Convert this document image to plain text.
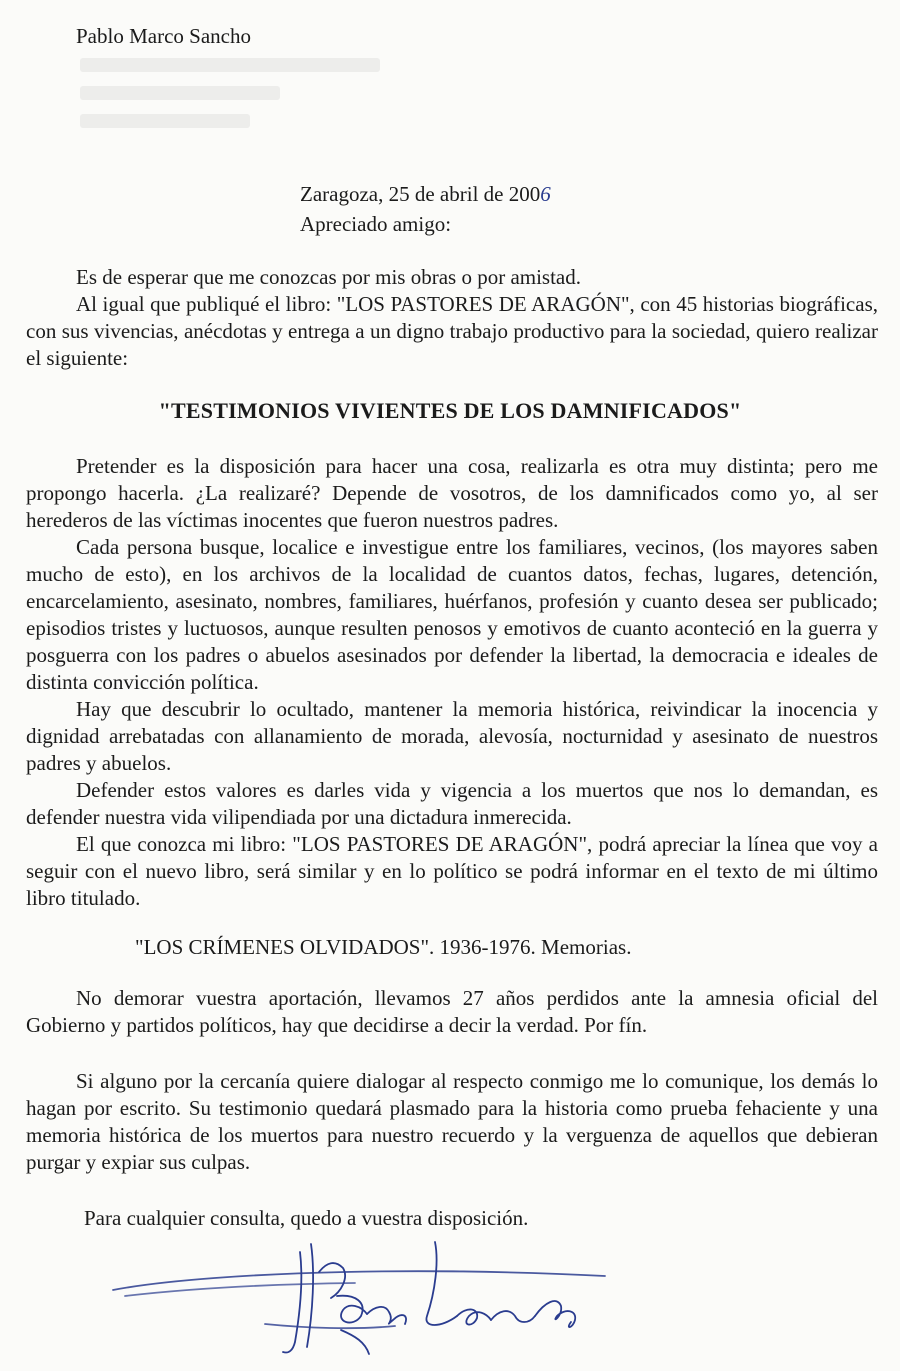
Pablo Marco Sancho
Zaragoza, 25 de abril de 2006
Apreciado amigo:

Es de esperar que me conozcas por mis obras o por amistad.

Al igual que publiqué el libro: "LOS PASTORES DE ARAGÓN", con 45 historias biográficas, con sus vivencias, anécdotas y entrega a un digno trabajo productivo para la sociedad, quiero realizar el siguiente:

"TESTIMONIOS VIVIENTES DE LOS DAMNIFICADOS"

Pretender es la disposición para hacer una cosa, realizarla es otra muy distinta; pero me propongo hacerla. ¿La realizaré? Depende de vosotros, de los damnificados como yo, al ser herederos de las víctimas inocentes que fueron nuestros padres.

Cada persona busque, localice e investigue entre los familiares, vecinos, (los mayores saben mucho de esto), en los archivos de la localidad de cuantos datos, fechas, lugares, detención, encarcelamiento, asesinato, nombres, familiares, huérfanos, profesión y cuanto desea ser publicado; episodios tristes y luctuosos, aunque resulten penosos y emotivos de cuanto aconteció en la guerra y posguerra con los padres o abuelos asesinados por defender la libertad, la democracia e ideales de distinta convicción política.

Hay que descubrir lo ocultado, mantener la memoria histórica, reivindicar la inocencia y dignidad arrebatadas con allanamiento de morada, alevosía, nocturnidad y asesinato de nuestros padres y abuelos.

Defender estos valores es darles vida y vigencia a los muertos que nos lo demandan, es defender nuestra vida vilipendiada por una dictadura inmerecida.

El que conozca mi libro: "LOS PASTORES DE ARAGÓN", podrá apreciar la línea que voy a seguir con el nuevo libro, será similar y en lo político se podrá informar en el texto de mi último libro titulado.

"LOS CRÍMENES OLVIDADOS". 1936-1976. Memorias.

No demorar vuestra aportación, llevamos 27 años perdidos ante la amnesia oficial del Gobierno y partidos políticos, hay que decidirse a decir la verdad. Por fín.

Si alguno por la cercanía quiere dialogar al respecto conmigo me lo comunique, los demás lo hagan por escrito. Su testimonio quedará plasmado para la historia como prueba fehaciente y una memoria histórica de los muertos para nuestro recuerdo y la verguenza de aquellos que debieran purgar y expiar sus culpas.

Para cualquier consulta, quedo a vuestra disposición.
